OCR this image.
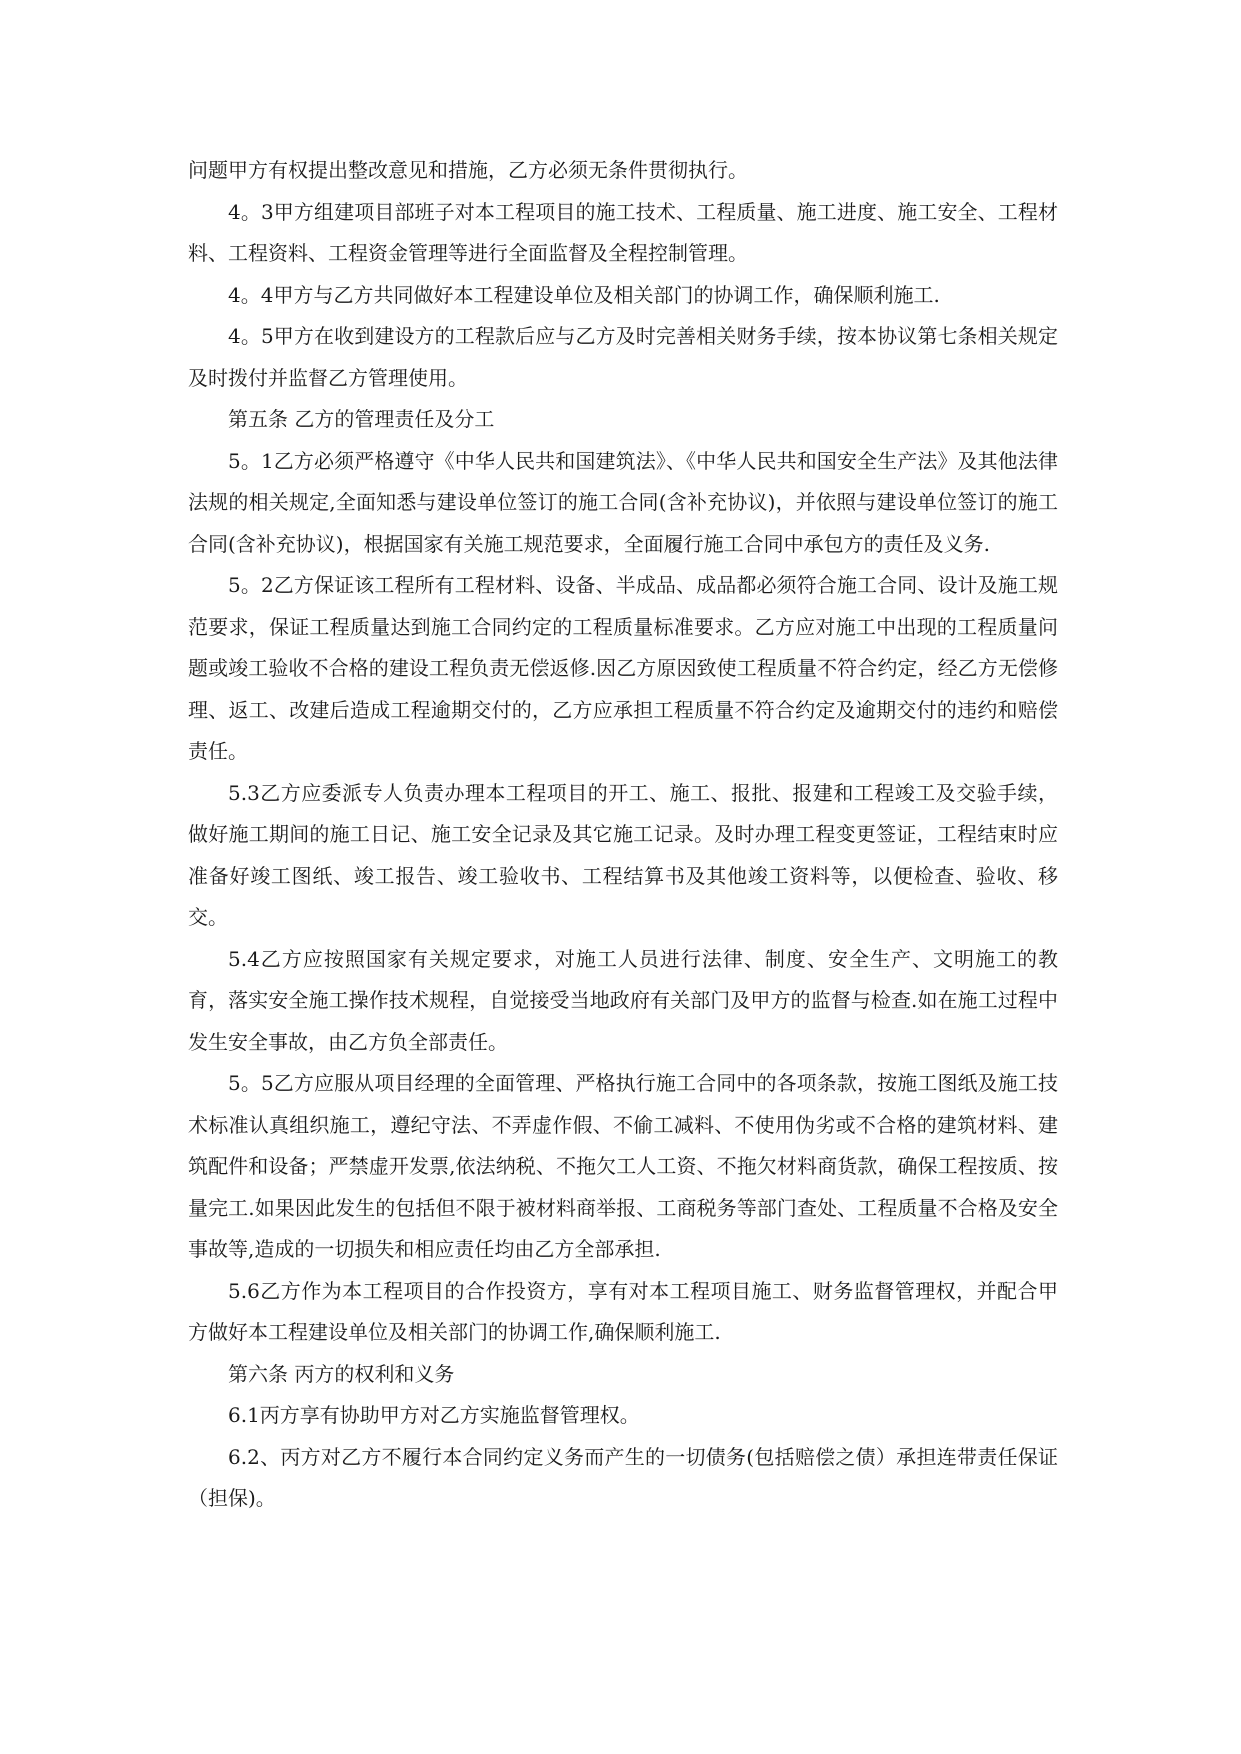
问题甲方有权提出整改意见和措施，乙方必须无条件贯彻执行。

4。3甲方组建项目部班子对本工程项目的施工技术、工程质量、施工进度、施工安全、工程材料、工程资料、工程资金管理等进行全面监督及全程控制管理。

4。4甲方与乙方共同做好本工程建设单位及相关部门的协调工作，确保顺利施工.

4。5甲方在收到建设方的工程款后应与乙方及时完善相关财务手续，按本协议第七条相关规定及时拨付并监督乙方管理使用。

第五条 乙方的管理责任及分工

5。1乙方必须严格遵守《中华人民共和国建筑法》、《中华人民共和国安全生产法》及其他法律法规的相关规定,全面知悉与建设单位签订的施工合同(含补充协议)，并依照与建设单位签订的施工合同(含补充协议)，根据国家有关施工规范要求，全面履行施工合同中承包方的责任及义务.

5。2乙方保证该工程所有工程材料、设备、半成品、成品都必须符合施工合同、设计及施工规范要求，保证工程质量达到施工合同约定的工程质量标准要求。乙方应对施工中出现的工程质量问题或竣工验收不合格的建设工程负责无偿返修.因乙方原因致使工程质量不符合约定，经乙方无偿修理、返工、改建后造成工程逾期交付的，乙方应承担工程质量不符合约定及逾期交付的违约和赔偿责任。

5.3乙方应委派专人负责办理本工程项目的开工、施工、报批、报建和工程竣工及交验手续，做好施工期间的施工日记、施工安全记录及其它施工记录。及时办理工程变更签证，工程结束时应准备好竣工图纸、竣工报告、竣工验收书、工程结算书及其他竣工资料等，以便检查、验收、移交。

5.4乙方应按照国家有关规定要求，对施工人员进行法律、制度、安全生产、文明施工的教育，落实安全施工操作技术规程，自觉接受当地政府有关部门及甲方的监督与检查.如在施工过程中发生安全事故，由乙方负全部责任。

5。5乙方应服从项目经理的全面管理、严格执行施工合同中的各项条款，按施工图纸及施工技术标准认真组织施工，遵纪守法、不弄虚作假、不偷工减料、不使用伪劣或不合格的建筑材料、建筑配件和设备；严禁虚开发票,依法纳税、不拖欠工人工资、不拖欠材料商货款，确保工程按质、按量完工.如果因此发生的包括但不限于被材料商举报、工商税务等部门查处、工程质量不合格及安全事故等,造成的一切损失和相应责任均由乙方全部承担.

5.6乙方作为本工程项目的合作投资方，享有对本工程项目施工、财务监督管理权，并配合甲方做好本工程建设单位及相关部门的协调工作,确保顺利施工.

第六条 丙方的权利和义务

6.1丙方享有协助甲方对乙方实施监督管理权。

6.2、丙方对乙方不履行本合同约定义务而产生的一切债务(包括赔偿之债）承担连带责任保证（担保)。
